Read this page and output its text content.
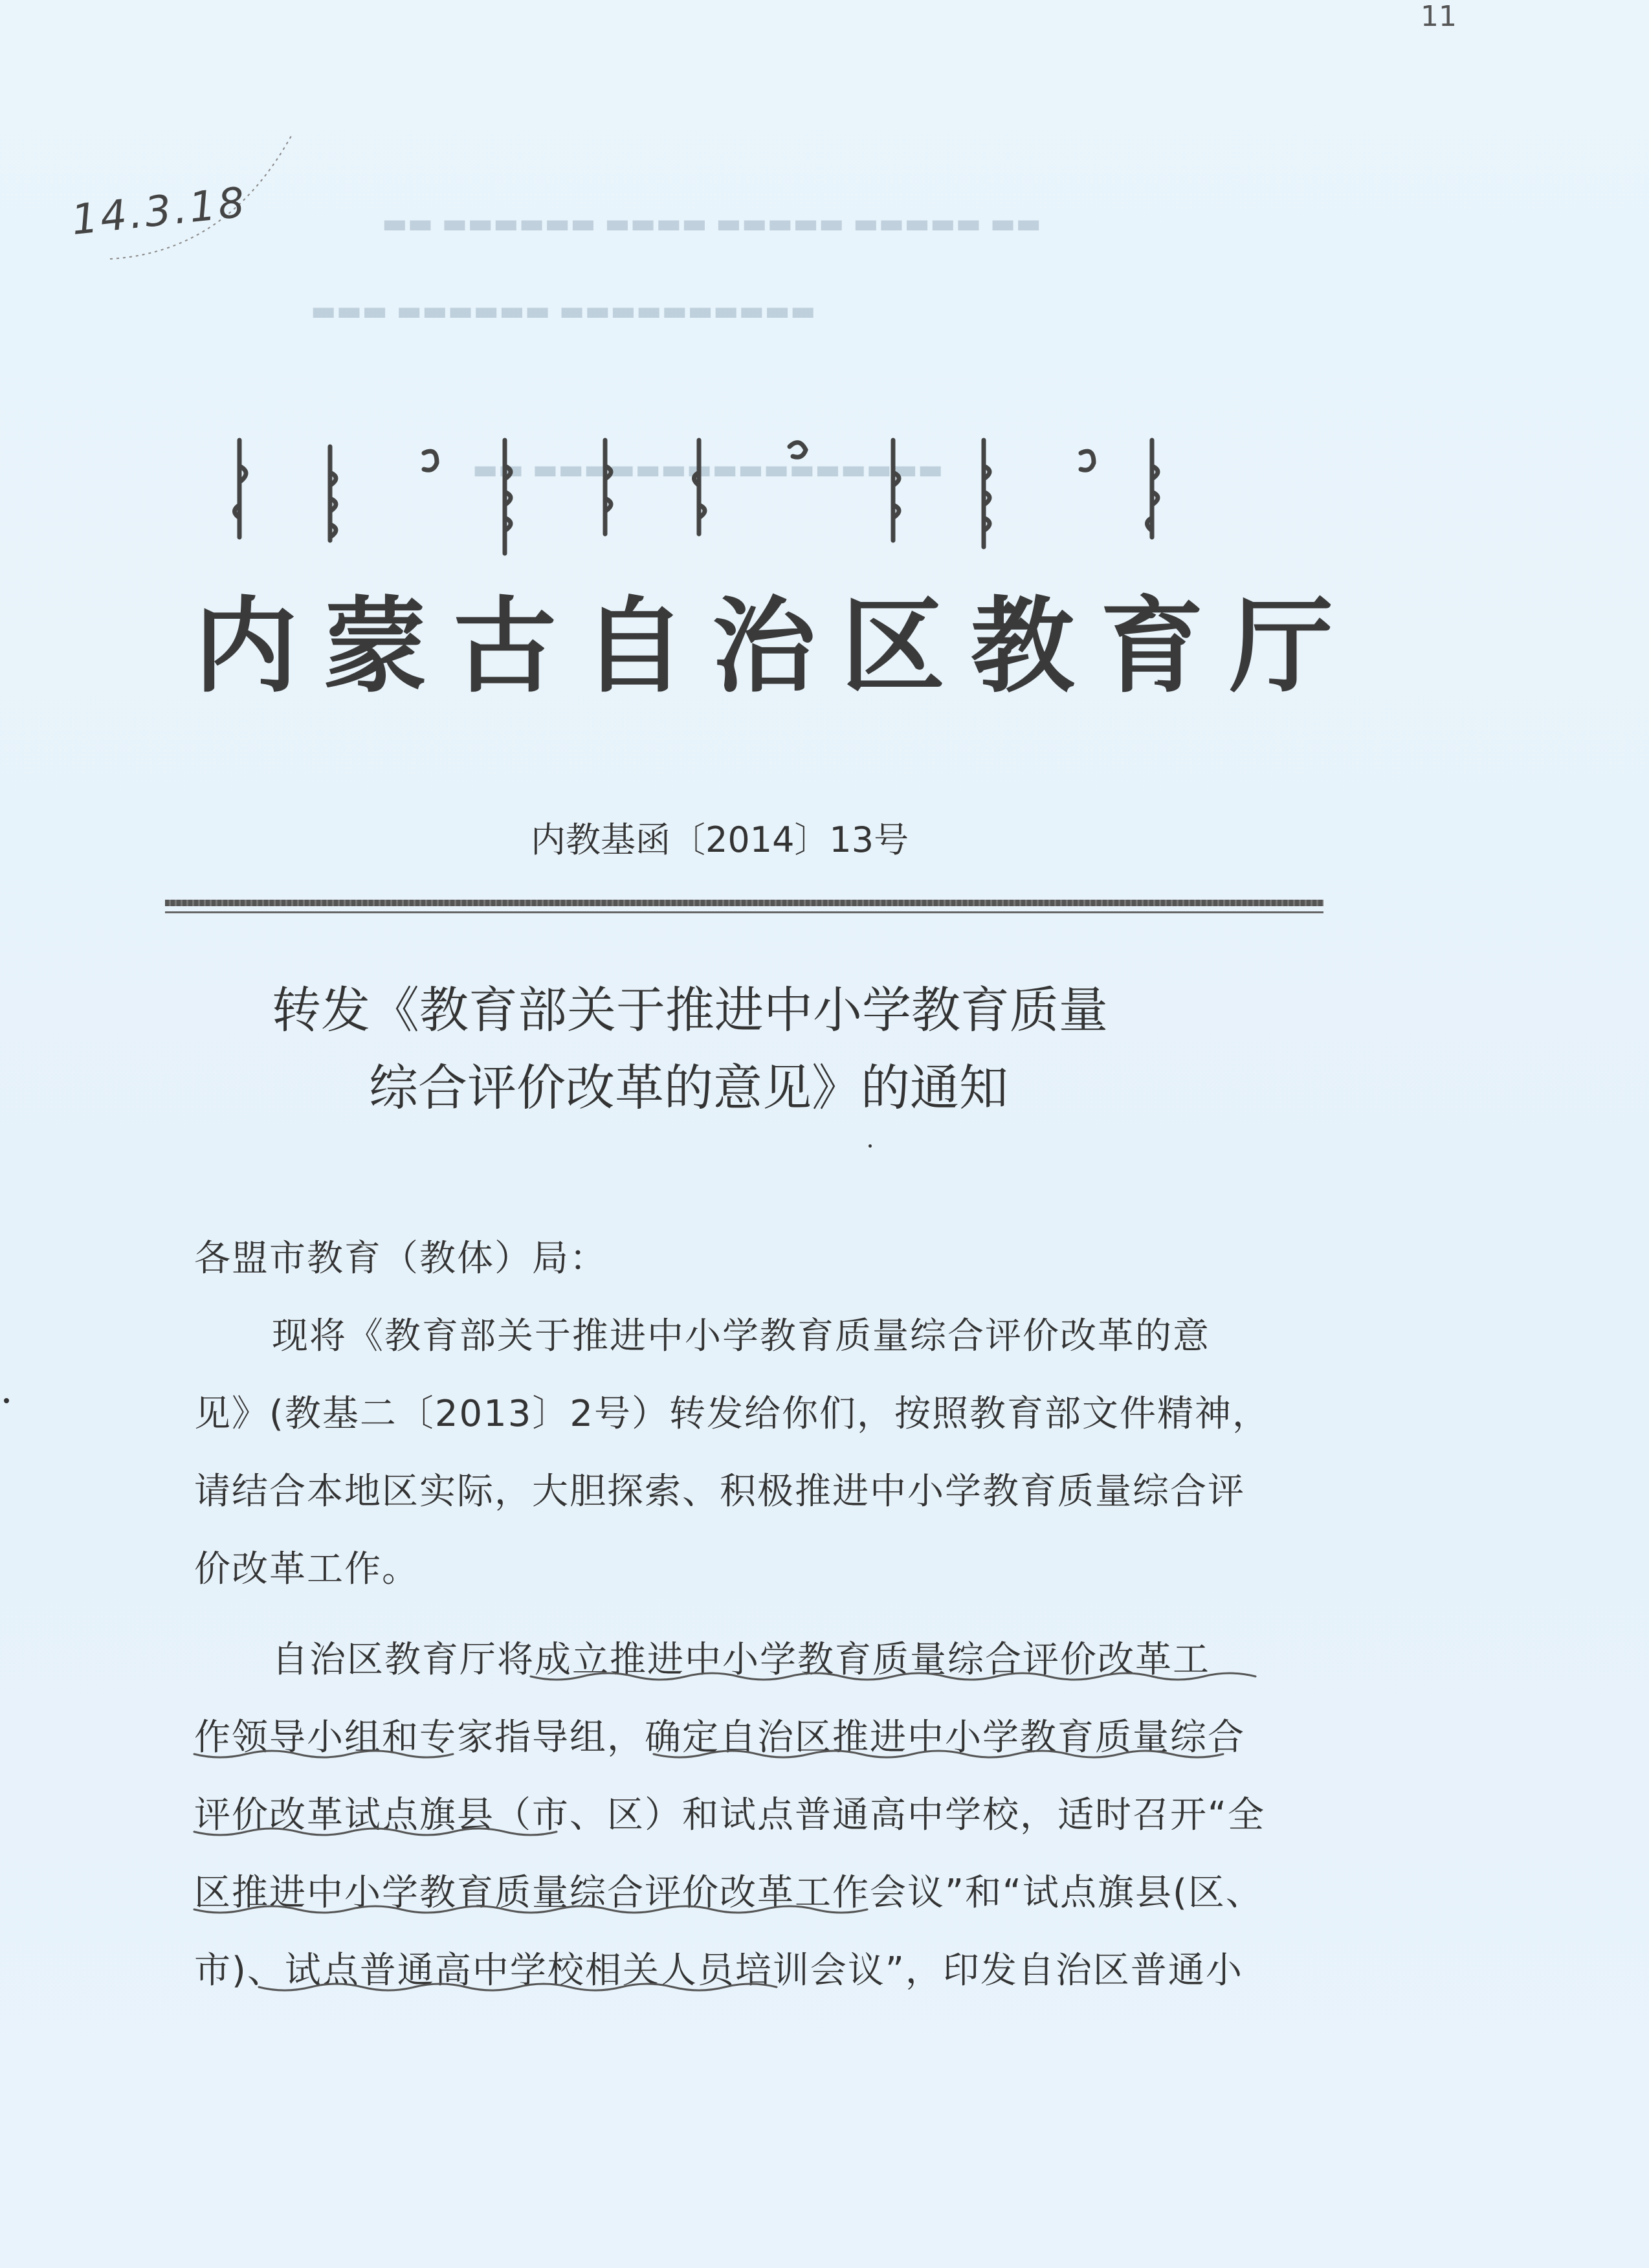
11
14.3.18	▬▬ ▬▬▬▬▬ ▬▬▬▬▬ ▬▬▬▬ ▬▬▬▬▬▬ ▬▬
▬▬▬▬▬▬▬▬▬▬ ▬▬▬▬▬▬ ▬▬▬
▬▬▬▬▬▬▬▬▬▬▬▬▬▬▬▬ ▬▬
内蒙古自治区教育厅
内教基函〔2014〕13号
转发《教育部关于推进中小学教育质量
综合评价改革的意见》的通知
各盟市教育（教体）局：
现将《教育部关于推进中小学教育质量综合评价改革的意
见》(教基二〔2013〕2号）转发给你们，按照教育部文件精神，
请结合本地区实际，大胆探索、积极推进中小学教育质量综合评
价改革工作。
自治区教育厅将成立推进中小学教育质量综合评价改革工
作领导小组和专家指导组，确定自治区推进中小学教育质量综合
评价改革试点旗县（市、区）和试点普通高中学校，适时召开“全
区推进中小学教育质量综合评价改革工作会议”和“试点旗县(区、
市)、试点普通高中学校相关人员培训会议”，印发自治区普通小
